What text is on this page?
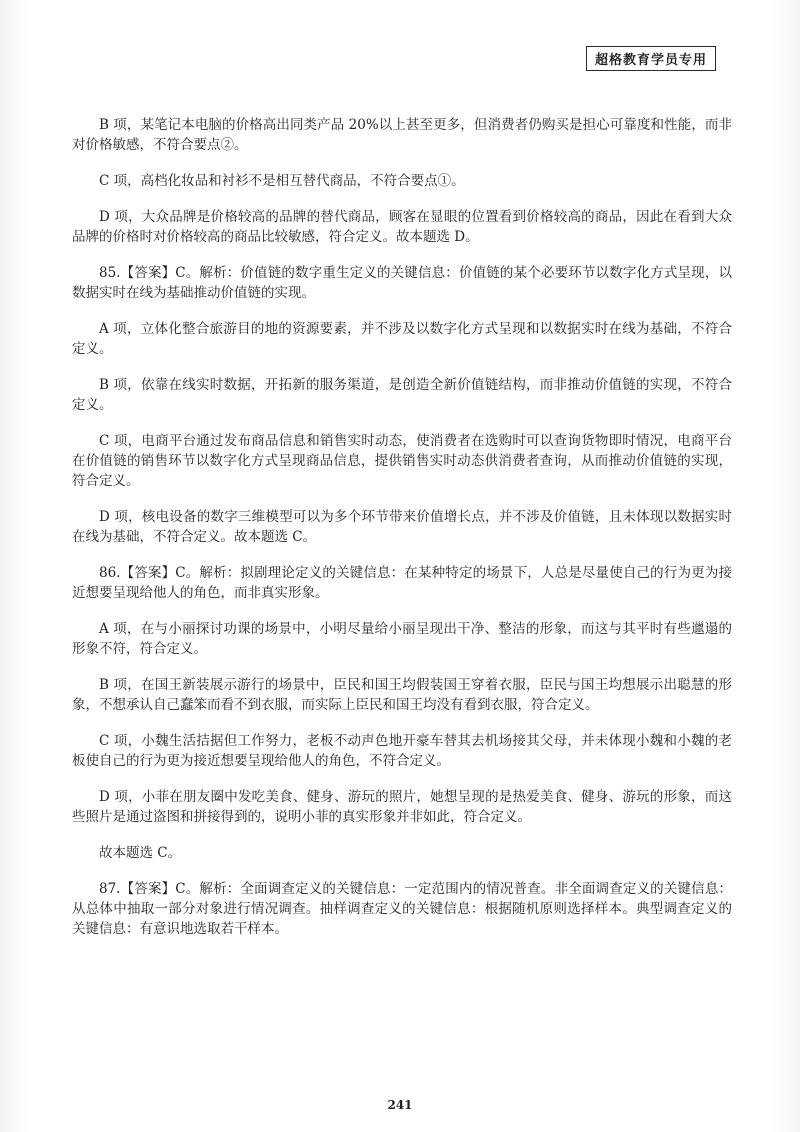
超格教育学员专用

B 项，某笔记本电脑的价格高出同类产品 20%以上甚至更多，但消费者仍购买是担心可靠度和性能，而非对价格敏感，不符合要点②。

C 项，高档化妆品和衬衫不是相互替代商品，不符合要点①。

D 项，大众品牌是价格较高的品牌的替代商品，顾客在显眼的位置看到价格较高的商品，因此在看到大众品牌的价格时对价格较高的商品比较敏感，符合定义。故本题选 D。

85.【答案】C。解析：价值链的数字重生定义的关键信息：价值链的某个必要环节以数字化方式呈现，以数据实时在线为基础推动价值链的实现。

A 项，立体化整合旅游目的地的资源要素，并不涉及以数字化方式呈现和以数据实时在线为基础，不符合定义。

B 项，依靠在线实时数据，开拓新的服务渠道，是创造全新价值链结构，而非推动价值链的实现，不符合定义。

C 项，电商平台通过发布商品信息和销售实时动态，使消费者在选购时可以查询货物即时情况，电商平台在价值链的销售环节以数字化方式呈现商品信息，提供销售实时动态供消费者查询，从而推动价值链的实现，符合定义。

D 项，核电设备的数字三维模型可以为多个环节带来价值增长点，并不涉及价值链，且未体现以数据实时在线为基础，不符合定义。故本题选 C。

86.【答案】C。解析：拟剧理论定义的关键信息：在某种特定的场景下，人总是尽量使自己的行为更为接近想要呈现给他人的角色，而非真实形象。

A 项，在与小丽探讨功课的场景中，小明尽量给小丽呈现出干净、整洁的形象，而这与其平时有些邋遢的形象不符，符合定义。

B 项，在国王新装展示游行的场景中，臣民和国王均假装国王穿着衣服，臣民与国王均想展示出聪慧的形象，不想承认自己蠢笨而看不到衣服，而实际上臣民和国王均没有看到衣服，符合定义。

C 项，小魏生活拮据但工作努力，老板不动声色地开豪车替其去机场接其父母，并未体现小魏和小魏的老板使自己的行为更为接近想要呈现给他人的角色，不符合定义。

D 项，小菲在朋友圈中发吃美食、健身、游玩的照片，她想呈现的是热爱美食、健身、游玩的形象，而这些照片是通过盗图和拼接得到的，说明小菲的真实形象并非如此，符合定义。

故本题选 C。

87.【答案】C。解析：全面调查定义的关键信息：一定范围内的情况普查。非全面调查定义的关键信息：从总体中抽取一部分对象进行情况调查。抽样调查定义的关键信息：根据随机原则选择样本。典型调查定义的关键信息：有意识地选取若干样本。

241
